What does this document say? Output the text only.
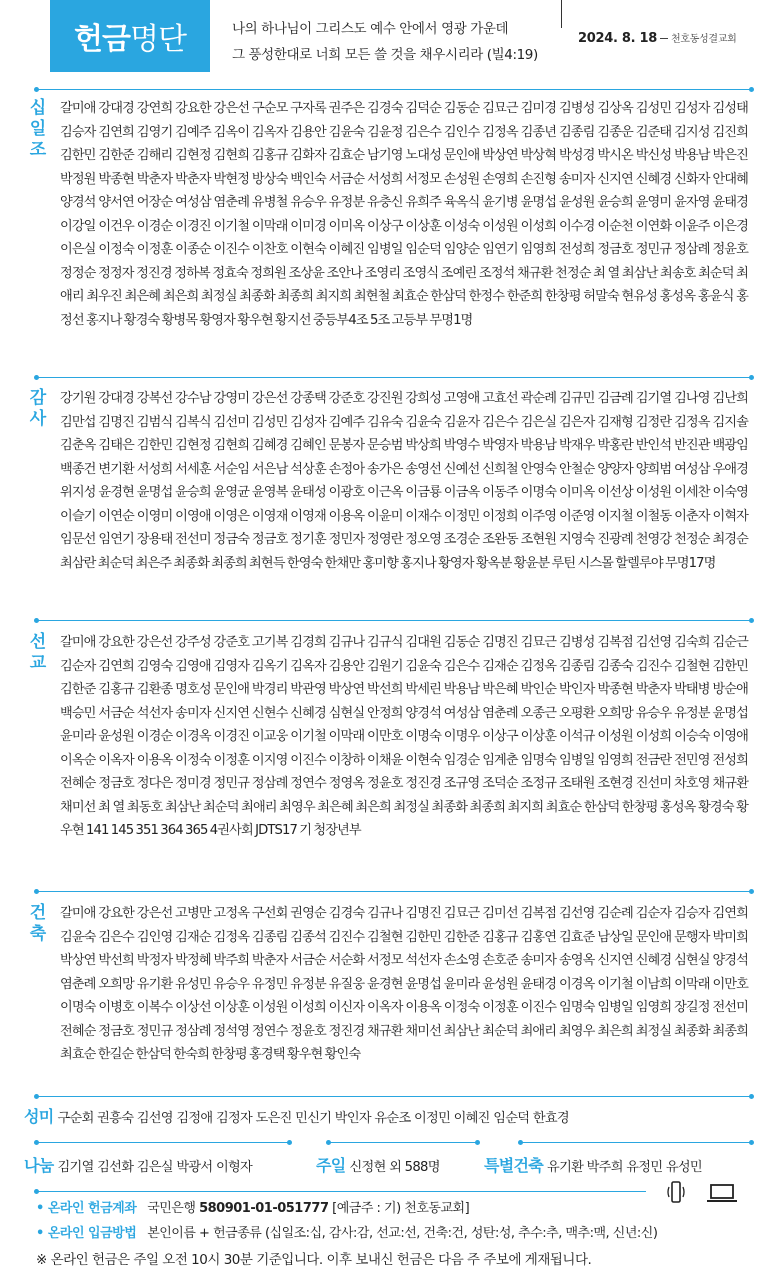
헌금 명단	나의 하나님이 그리스도 예수 안에서 영광 가운데
그 풍성한대로 너희 모든 쓸 것을 채우시리라 (빌4:19)
2024. 8. 18 천호동성결교회
십
일
조
갈미애 강대경 강연희 강요한 강은선 구순모 구자록 권주은 김경숙 김덕순 김동순 김묘근 김미경 김병성 김상옥 김성민 김성자 김성태 김승자 김연희 김영기 김예주 김옥이 김옥자 김용안 김윤숙 김윤정 김은수 김인수 김정옥 김종년 김종림 김종운 김준태 김지성 김진희 김한민 김한준 김해리 김현정 김현희 김홍규 김화자 김효순 남기영 노대성 문인애 박상연 박상혁 박성경 박시온 박신성 박용남 박은진 박정원 박종현 박춘자 박춘자 박현정 방상숙 백인숙 서금순 서성희 서정모 손성원 손영희 손진형 송미자 신지연 신혜경 신화자 안대혜 양경석 양서연 어장순 여성삼 염춘례 유병철 유승우 유정분 유충신 유희주 육옥식 윤기병 윤명섭 윤성원 윤승희 윤영미 윤자영 윤태경 이강일 이건우 이경순 이경진 이기철 이막래 이미경 이미옥 이상구 이상훈 이성숙 이성원 이성희 이수경 이순천 이연화 이윤주 이은경 이은실 이정숙 이정훈 이종순 이진수 이찬호 이현숙 이혜진 임병일 임순덕 임양순 임연기 임영희 전성희 정금호 정민규 정삼례 정윤호 정정순 정정자 정진경 정하복 정효숙 정희원 조상윤 조안나 조영리 조영식 조예린 조정석 채규환 천정순 최 열 최삼난 최송호 최순덕 최애리 최우진 최은혜 최은희 최정실 최종화 최종희 최지희 최현철 최효순 한삼덕 한정수 한준희 한창평 허말숙 현유성 홍성옥 홍윤식 홍정선 홍지나 황경숙 황병목 황영자 황우현 황지선 중등부4조 5조 고등부 무명1명
감
사
강기원 강대경 강복선 강수남 강영미 강은선 강종택 강준호 강진원 강희성 고영애 고효선 곽순례 김규민 김금례 김기열 김나영 김난희 김만섭 김명진 김범식 김복식 김선미 김성민 김성자 김예주 김유숙 김윤숙 김윤자 김은수 김은실 김은자 김재형 김정란 김정옥 김지솔 김춘옥 김태은 김한민 김현정 김현희 김혜경 김혜인 문봉자 문승범 박상희 박영수 박영자 박용남 박재우 박홍란 반인석 반진관 백광임 백종건 변기환 서성희 서세훈 서순임 서은남 석상훈 손정아 송가은 송영선 신예선 신희철 안영숙 안철순 양양자 양희범 여성삼 우애경 위지성 윤경현 윤명섭 윤승희 윤영균 윤영복 윤태성 이광호 이근옥 이금룡 이금옥 이동주 이명숙 이미옥 이선상 이성원 이세찬 이숙영 이슬기 이연순 이영미 이영애 이영은 이영재 이영재 이용옥 이윤미 이재수 이정민 이정희 이주영 이준영 이지철 이철동 이춘자 이혁자 임문선 임연기 장용태 전선미 정금숙 정금호 정기훈 정민자 정영란 정오영 조경순 조완동 조현원 지영숙 진광례 천영강 천정순 최경순 최삼란 최순덕 최은주 최종화 최종희 최현득 한영숙 한채만 홍미향 홍지나 황영자 황옥분 황윤분 루틴 시스몰 할렐루야 무명17명
선
교
갈미애 강요한 강은선 강주성 강준호 고기복 김경희 김규나 김규식 김대원 김동순 김명진 김묘근 김병성 김복점 김선영 김숙희 김순근 김순자 김연희 김영숙 김영애 김영자 김옥기 김옥자 김용안 김원기 김윤숙 김은수 김재순 김정옥 김종림 김종숙 김진수 김철현 김한민 김한준 김홍규 김환종 명호성 문인애 박경리 박관영 박상연 박선희 박세린 박용남 박은혜 박인순 박인자 박종현 박춘자 박태병 방순애 백승민 서금순 석선자 송미자 신지연 신현수 신혜경 심현실 안정희 양경석 여성삼 염춘례 오종근 오평환 오희망 유승우 유정분 윤명섭 윤미라 윤성원 이경순 이경옥 이경진 이교웅 이기철 이막래 이만호 이명숙 이명우 이상구 이상훈 이석규 이성원 이성희 이승숙 이영애 이옥순 이옥자 이용옥 이정숙 이정훈 이지영 이진수 이창하 이채윤 이현숙 임경순 임계춘 임명숙 임병일 임영희 전금란 전민영 전성희 전혜순 정금호 정다은 정미경 정민규 정삼례 정연수 정영옥 정윤호 정진경 조규영 조덕순 조정규 조태원 조현경 진선미 차호영 채규환 채미선 최 열 최동호 최삼난 최순덕 최애리 최영우 최은혜 최은희 최정실 최종화 최종희 최지희 최효순 한삼덕 한창평 홍성옥 황경숙 황우현 141 145 351 364 365 4권사회 JDTS17 기 청장년부
건
축
갈미애 강요한 강은선 고병만 고정옥 구선회 권영순 김경숙 김규나 김명진 김묘근 김미선 김복점 김선영 김순례 김순자 김승자 김연희 김윤숙 김은수 김인영 김재순 김정옥 김종림 김종석 김진수 김철현 김한민 김한준 김홍규 김홍연 김효준 남상일 문인애 문행자 박미희 박상연 박선희 박정자 박정혜 박주희 박춘자 서금순 서순화 서정모 석선자 손소영 손호준 송미자 송영옥 신지연 신혜경 심현실 양경석 염춘례 오희망 유기환 유성민 유승우 유정민 유정분 유질웅 윤경현 윤명섭 윤미라 윤성원 윤태경 이경옥 이기철 이남희 이막래 이만호 이명숙 이병호 이복수 이상선 이상훈 이성원 이성희 이신자 이옥자 이용옥 이정숙 이정훈 이진수 임명숙 임병일 임영희 장길정 전선미 전혜순 정금호 정민규 정삼례 정석영 정연수 정윤호 정진경 채규환 채미선 최삼난 최순덕 최애리 최영우 최은희 최정실 최종화 최종희 최효순 한길순 한삼덕 한숙희 한창평 홍경택 황우현 황인숙
성미 구순회 권흥숙 김선영 김정애 김정자 도은진 민신기 박인자 유순조 이정민 이혜진 임순덕 한효경
나눔 김기열 김선화 김은실 박광서 이형자	주일 신정현 외 588명	특별건축 유기환 박주희 유정민 유성민
• 온라인 헌금계좌 국민은행 580901-01-051777 [예금주 : 기) 천호동교회]
• 온라인 입금방법 본인이름 + 헌금종류 (십일조:십, 감사:감, 선교:선, 건축:건, 성탄:성, 추수:추, 맥추:맥, 신년:신)
※ 온라인 헌금은 주일 오전 10시 30분 기준입니다. 이후 보내신 헌금은 다음 주 주보에 게재됩니다.
